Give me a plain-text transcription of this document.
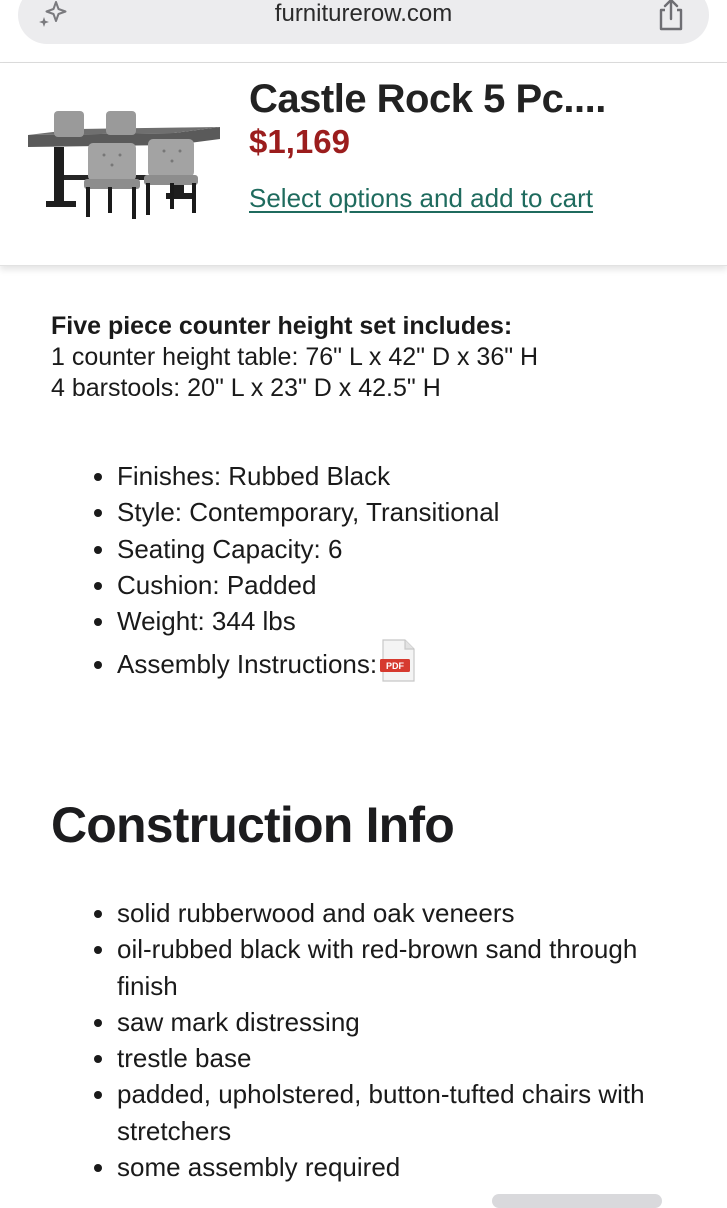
furniturerow.com
Castle Rock 5 Pc....
$1,169
Select options and add to cart
Five piece counter height set includes:
1 counter height table: 76" L x 42" D x 36" H
4 barstools: 20" L x 23" D x 42.5" H
• Finishes: Rubbed Black
• Style: Contemporary, Transitional
• Seating Capacity: 6
• Cushion: Padded
• Weight: 344 lbs
• Assembly Instructions: PDF
Construction Info
• solid rubberwood and oak veneers
• oil-rubbed black with red-brown sand through finish
• saw mark distressing
• trestle base
• padded, upholstered, button-tufted chairs with stretchers
• some assembly required
